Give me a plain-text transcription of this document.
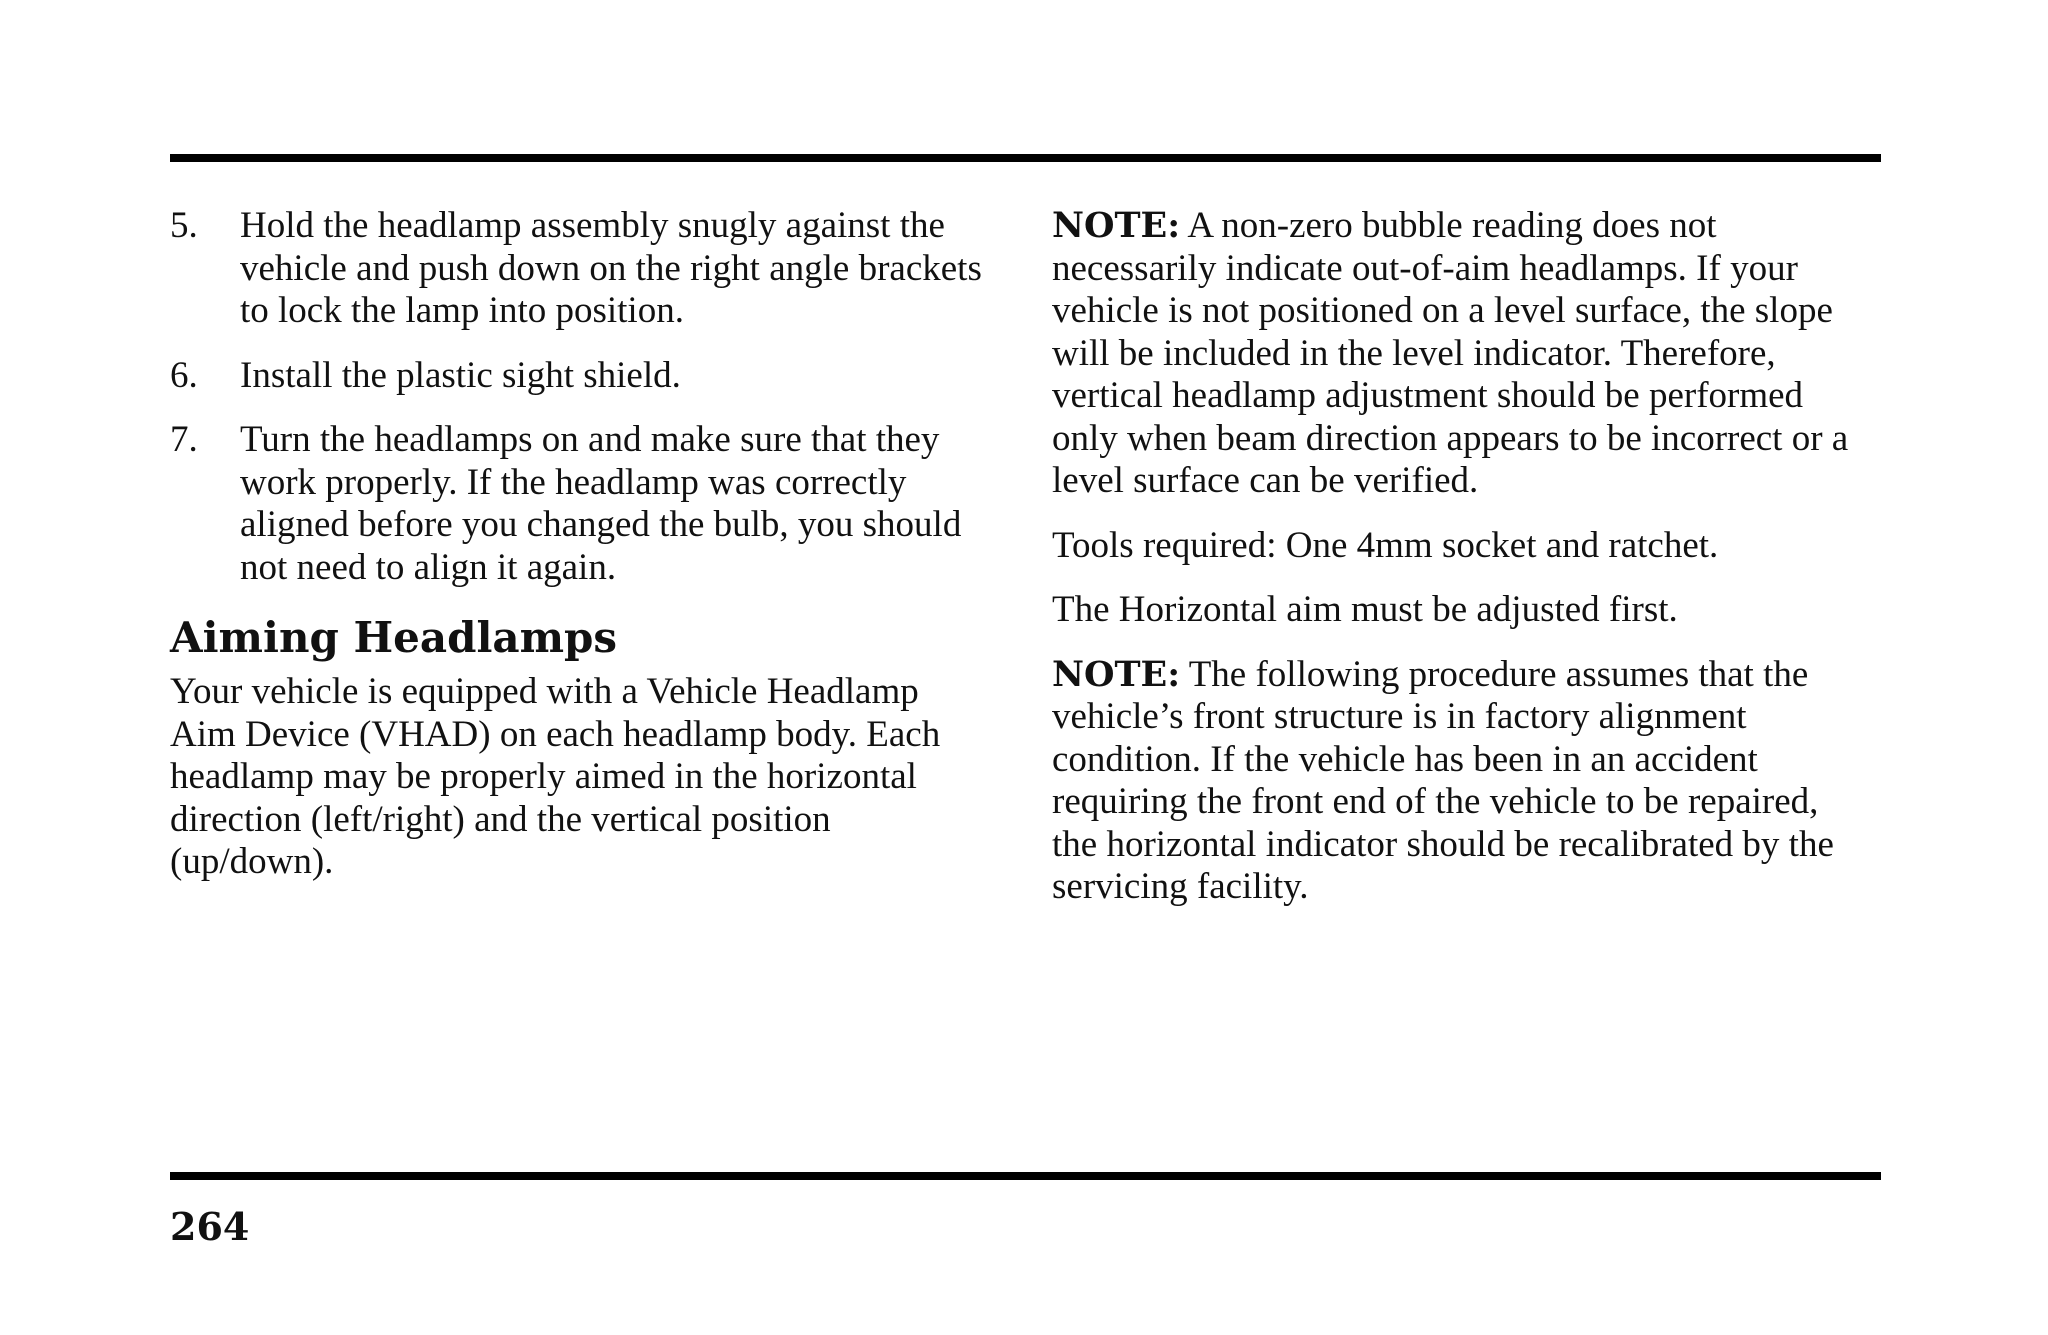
5.	Hold the headlamp assembly snugly against the vehicle and push down on the right angle brackets to lock the lamp into position.
6.	Install the plastic sight shield.
7.	Turn the headlamps on and make sure that they work properly. If the headlamp was correctly aligned before you changed the bulb, you should not need to align it again.
Aiming Headlamps

Your vehicle is equipped with a Vehicle Headlamp Aim Device (VHAD) on each headlamp body. Each headlamp may be properly aimed in the horizontal direction (left/right) and the vertical position (up/down).

NOTE: A non-zero bubble reading does not necessarily indicate out-of-aim headlamps. If your vehicle is not positioned on a level surface, the slope will be included in the level indicator. Therefore, vertical headlamp adjustment should be performed only when beam direction appears to be incorrect or a level surface can be verified.

Tools required: One 4mm socket and ratchet.

The Horizontal aim must be adjusted first.

NOTE: The following procedure assumes that the vehicle’s front structure is in factory alignment condition. If the vehicle has been in an accident requiring the front end of the vehicle to be repaired, the horizontal indicator should be recalibrated by the servicing facility.

264
